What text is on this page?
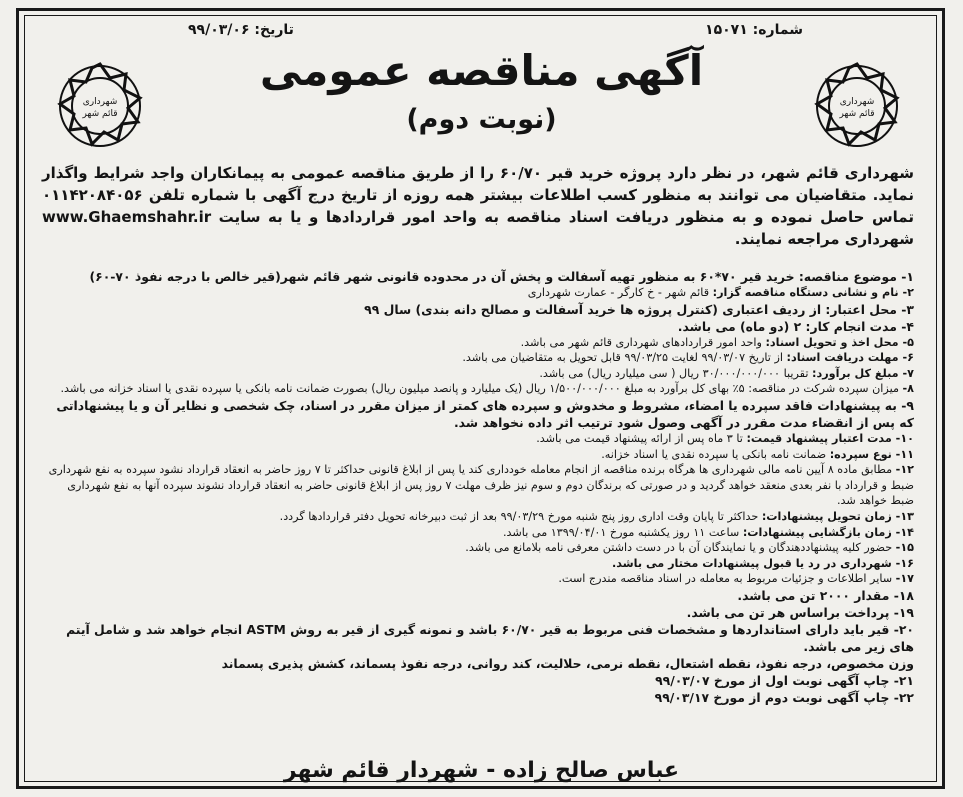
شماره: ۱۵۰۷۱
تاریخ: ۹۹/۰۳/۰۶
شهرداری
قائم شهر
شهرداری
قائم شهر
آگهی مناقصه عمومی
(نوبت دوم)
شهرداری قائم شهر، در نظر دارد پروژه خرید قیر ۶۰/۷۰ را از طریق مناقصه عمومی به پیمانکاران واجد شرایط واگذار نماید. متقاضیان می توانند به منظور کسب اطلاعات بیشتر همه روزه از تاریخ درج آگهی با شماره تلفن ۰۱۱۴۲۰۸۴۰۵۶ تماس حاصل نموده و به منظور دریافت اسناد مناقصه به واحد امور قراردادها و یا به سایت www.Ghaemshahr.ir شهرداری مراجعه نمایند.
۱- موضوع مناقصه: خرید قیر ۷۰*۶۰ به منظور تهیه آسفالت و پخش آن در محدوده قانونی شهر قائم شهر(قیر خالص با درجه نفوذ ۷۰-۶۰)
۲- نام و نشانی دستگاه مناقصه گزار: قائم شهر - خ کارگر - عمارت شهرداری
۳- محل اعتبار: از ردیف اعتباری (کنترل پروژه ها خرید آسفالت و مصالح دانه بندی) سال ۹۹
۴- مدت انجام کار: ۲ (دو ماه) می باشد.
۵- محل اخذ و تحویل اسناد: واحد امور قراردادهای شهرداری قائم شهر می باشد.
۶- مهلت دریافت اسناد: از تاریخ ۹۹/۰۳/۰۷ لغایت ۹۹/۰۳/۲۵ قابل تحویل به متقاضیان می باشد.
۷- مبلغ کل برآورد: تقریبا ۳۰/۰۰۰/۰۰۰/۰۰۰ ریال ( سی میلیارد ریال) می باشد.
۸- میزان سپرده شرکت در مناقصه: ۵٪ بهای کل برآورد به مبلغ ۱/۵۰۰/۰۰۰/۰۰۰ ریال (یک میلیارد و پانصد میلیون ریال) بصورت ضمانت نامه بانکی یا سپرده نقدی یا اسناد خزانه می باشد.
۹- به پیشنهادات فاقد سپرده یا امضاء، مشروط و مخدوش و سپرده های کمتر از میزان مقرر در اسناد، چک شخصی و نظایر آن و یا پیشنهاداتی که پس از انقضاء مدت مقرر در آگهی وصول شود ترتیب اثر داده نخواهد شد.
۱۰- مدت اعتبار پیشنهاد قیمت: تا ۳ ماه پس از ارائه پیشنهاد قیمت می باشد.
۱۱- نوع سپرده: ضمانت نامه بانکی یا سپرده نقدی یا اسناد خزانه.
۱۲- مطابق ماده ۸ آیین نامه مالی شهرداری ها هرگاه برنده مناقصه از انجام معامله خودداری کند یا پس از ابلاغ قانونی حداکثر تا ۷ روز حاضر به انعقاد قرارداد نشود سپرده به نفع شهرداری ضبط و قرارداد با نفر بعدی منعقد خواهد گردید و در صورتی که برندگان دوم و سوم نیز ظرف مهلت ۷ روز پس از ابلاغ قانونی حاضر به انعقاد قرارداد نشوند سپرده آنها به نفع شهرداری ضبط خواهد شد.
۱۳- زمان تحویل پیشنهادات: حداکثر تا پایان وقت اداری روز پنج شنبه مورخ ۹۹/۰۳/۲۹ بعد از ثبت دبیرخانه تحویل دفتر قراردادها گردد.
۱۴- زمان بازگشایی پیشنهادات: ساعت ۱۱ روز یکشنبه مورخ ۱۳۹۹/۰۴/۰۱ می باشد.
۱۵- حضور کلیه پیشنهاددهندگان و یا نمایندگان آن با در دست داشتن معرفی نامه بلامانع می باشد.
۱۶- شهرداری در رد یا قبول پیشنهادات مختار می باشد.
۱۷- سایر اطلاعات و جزئیات مربوط به معامله در اسناد مناقصه مندرج است.
۱۸- مقدار ۲۰۰۰ تن می باشد.
۱۹- پرداخت براساس هر تن می باشد.
۲۰- قیر باید دارای استانداردها و مشخصات فنی مربوط به قیر ۶۰/۷۰ باشد و نمونه گیری از قیر به روش ASTM انجام خواهد شد و شامل آیتم های زیر می باشد.
وزن مخصوص، درجه نفوذ، نقطه اشتعال، نقطه نرمی، حلالیت، کند روانی، درجه نفوذ پسماند، کشش پذیری پسماند
۲۱- چاپ آگهی نوبت اول از مورخ ۹۹/۰۳/۰۷
۲۲- چاپ آگهی نوبت دوم از مورخ ۹۹/۰۳/۱۷
عباس صالح زاده - شهردار قائم شهر
